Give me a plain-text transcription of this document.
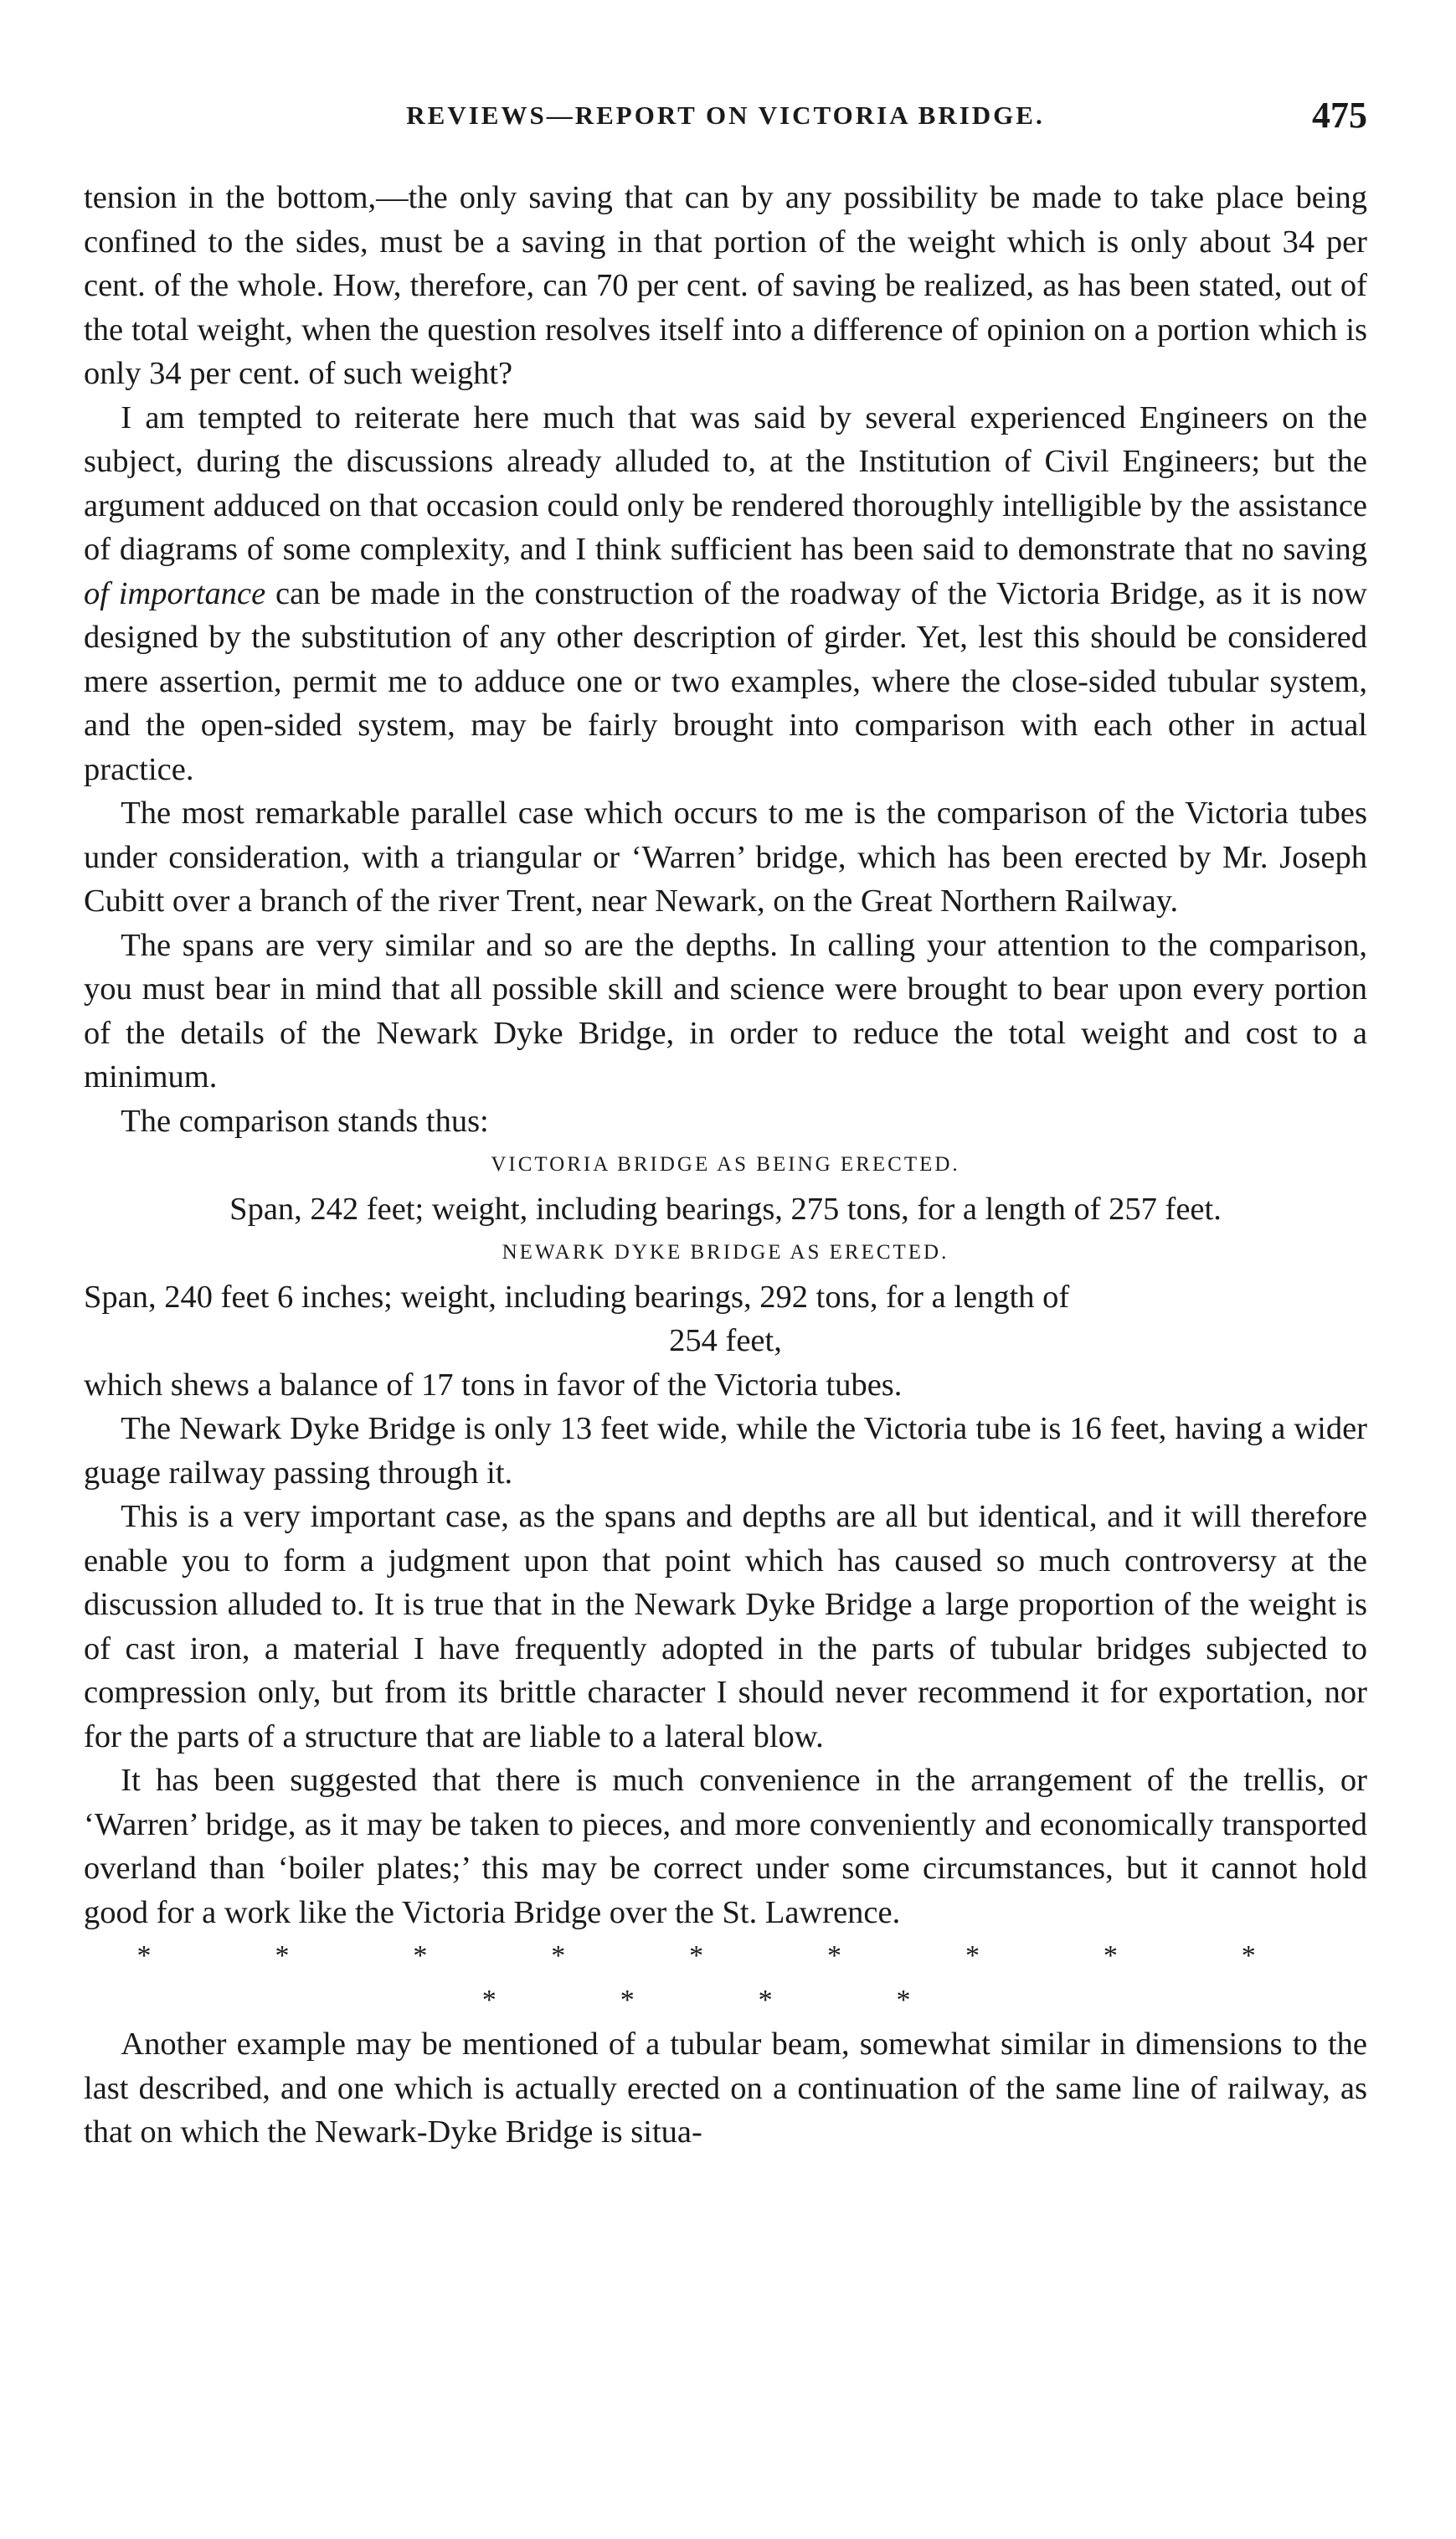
REVIEWS—REPORT ON VICTORIA BRIDGE.	475

tension in the bottom,—the only saving that can by any possibility be made to take place being confined to the sides, must be a saving in that portion of the weight which is only about 34 per cent. of the whole. How, therefore, can 70 per cent. of saving be realized, as has been stated, out of the total weight, when the question resolves itself into a difference of opinion on a portion which is only 34 per cent. of such weight?

I am tempted to reiterate here much that was said by several experienced Engineers on the subject, during the discussions already alluded to, at the Institution of Civil Engineers; but the argument adduced on that occasion could only be rendered thoroughly intelligible by the assistance of diagrams of some complexity, and I think sufficient has been said to demonstrate that no saving of importance can be made in the construction of the roadway of the Victoria Bridge, as it is now designed by the substitution of any other description of girder. Yet, lest this should be considered mere assertion, permit me to adduce one or two examples, where the close-sided tubular system, and the open-sided system, may be fairly brought into comparison with each other in actual practice.

The most remarkable parallel case which occurs to me is the comparison of the Victoria tubes under consideration, with a triangular or ‘Warren’ bridge, which has been erected by Mr. Joseph Cubitt over a branch of the river Trent, near Newark, on the Great Northern Railway.

The spans are very similar and so are the depths. In calling your attention to the comparison, you must bear in mind that all possible skill and science were brought to bear upon every portion of the details of the Newark Dyke Bridge, in order to reduce the total weight and cost to a minimum.

The comparison stands thus:

VICTORIA BRIDGE AS BEING ERECTED.

Span, 242 feet; weight, including bearings, 275 tons, for a length of 257 feet.

NEWARK DYKE BRIDGE AS ERECTED.

Span, 240 feet 6 inches; weight, including bearings, 292 tons, for a length of

254 feet,

which shews a balance of 17 tons in favor of the Victoria tubes.

The Newark Dyke Bridge is only 13 feet wide, while the Victoria tube is 16 feet, having a wider guage railway passing through it.

This is a very important case, as the spans and depths are all but identical, and it will therefore enable you to form a judgment upon that point which has caused so much controversy at the discussion alluded to. It is true that in the Newark Dyke Bridge a large proportion of the weight is of cast iron, a material I have frequently adopted in the parts of tubular bridges subjected to compression only, but from its brittle character I should never recommend it for exportation, nor for the parts of a structure that are liable to a lateral blow.

It has been suggested that there is much convenience in the arrangement of the trellis, or ‘Warren’ bridge, as it may be taken to pieces, and more conveniently and economically transported overland than ‘boiler plates;’ this may be correct under some circumstances, but it cannot hold good for a work like the Victoria Bridge over the St. Lawrence.

* * * * * * * * * * * * *

Another example may be mentioned of a tubular beam, somewhat similar in dimensions to the last described, and one which is actually erected on a continuation of the same line of railway, as that on which the Newark-Dyke Bridge is situa-
